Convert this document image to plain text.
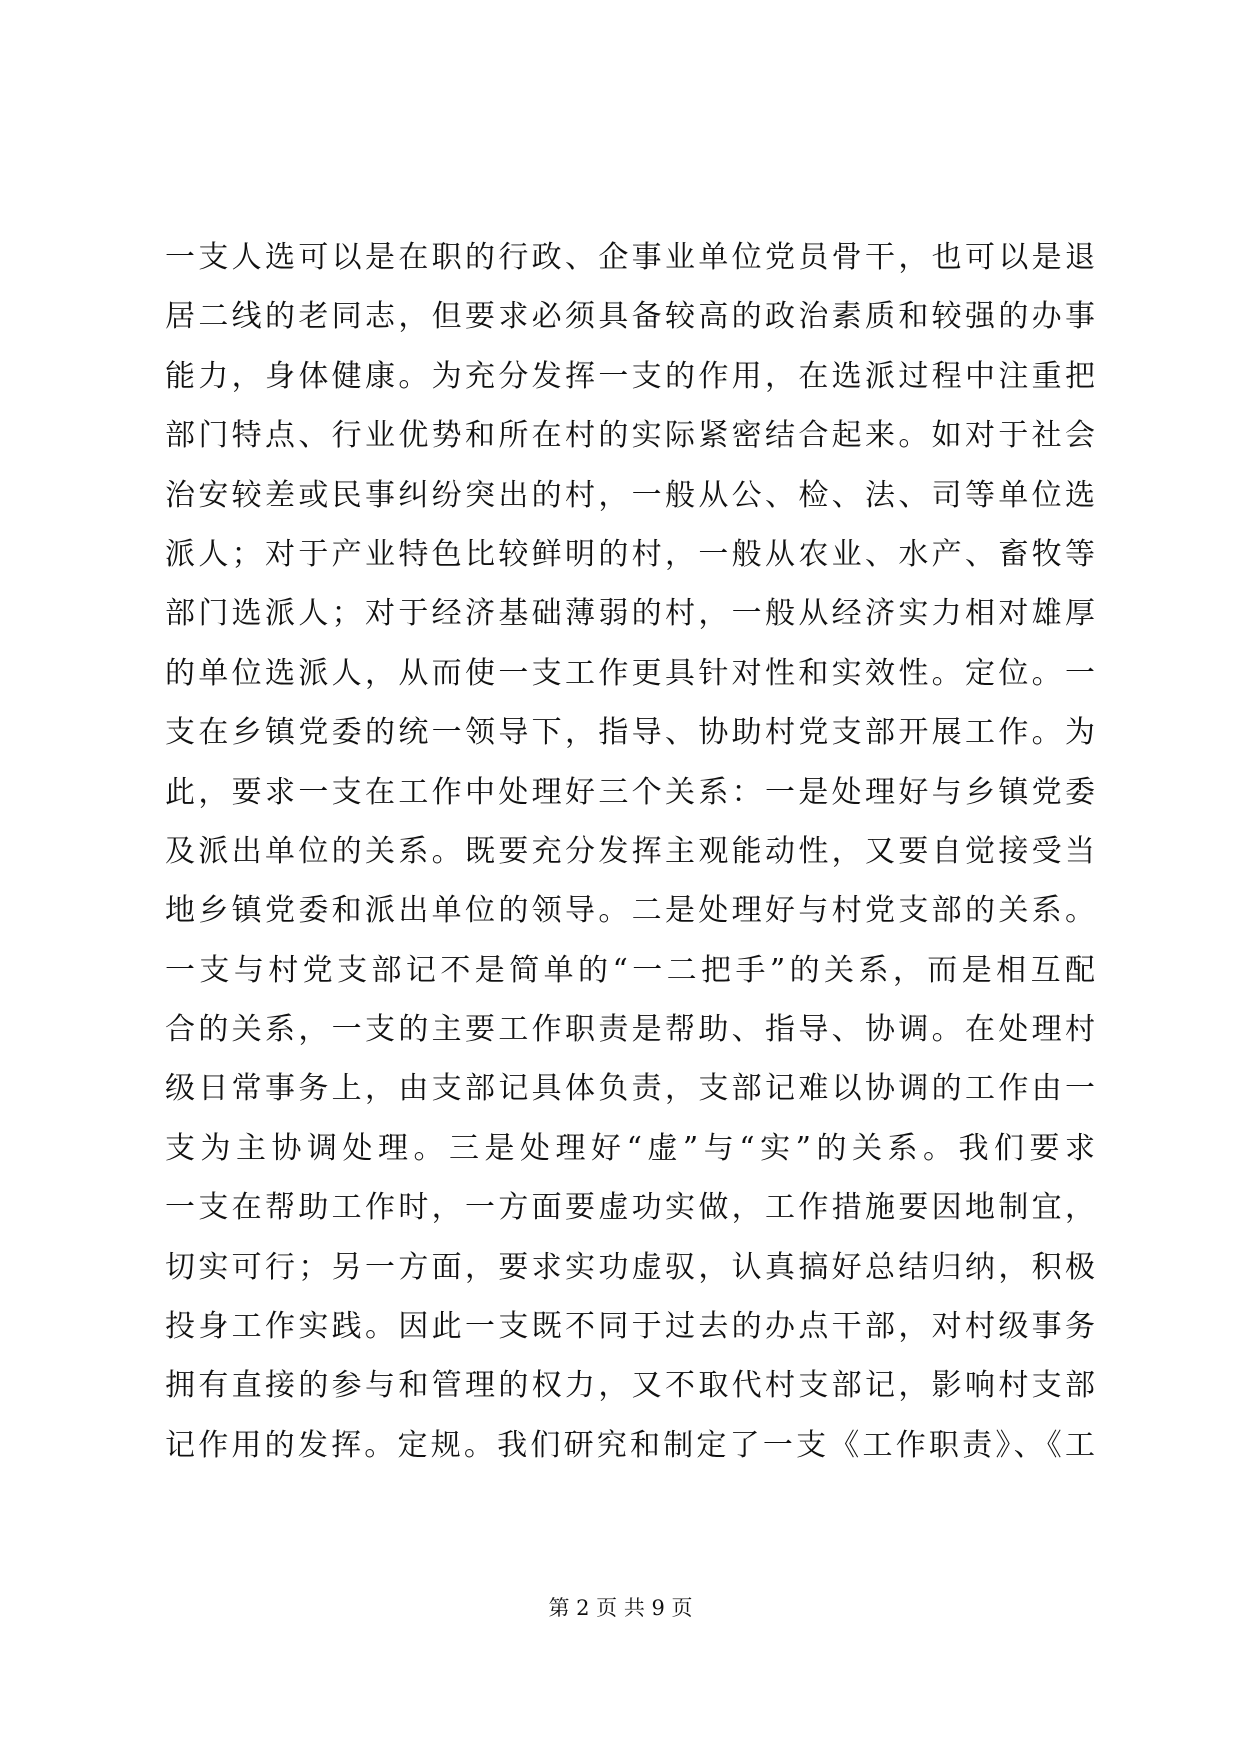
一支人选可以是在职的行政、企事业单位党员骨干，也可以是退
居二线的老同志，但要求必须具备较高的政治素质和较强的办事
能力，身体健康。为充分发挥一支的作用，在选派过程中注重把
部门特点、行业优势和所在村的实际紧密结合起来。如对于社会
治安较差或民事纠纷突出的村，一般从公、检、法、司等单位选
派人；对于产业特色比较鲜明的村，一般从农业、水产、畜牧等
部门选派人；对于经济基础薄弱的村，一般从经济实力相对雄厚
的单位选派人，从而使一支工作更具针对性和实效性。定位。一
支在乡镇党委的统一领导下，指导、协助村党支部开展工作。为
此，要求一支在工作中处理好三个关系：一是处理好与乡镇党委
及派出单位的关系。既要充分发挥主观能动性，又要自觉接受当
地乡镇党委和派出单位的领导。二是处理好与村党支部的关系。
一支与村党支部记不是简单的“一二把手”的关系，而是相互配
合的关系，一支的主要工作职责是帮助、指导、协调。在处理村
级日常事务上，由支部记具体负责，支部记难以协调的工作由一
支为主协调处理。三是处理好“虚”与“实”的关系。我们要求
一支在帮助工作时，一方面要虚功实做，工作措施要因地制宜，
切实可行；另一方面，要求实功虚驭，认真搞好总结归纳，积极
投身工作实践。因此一支既不同于过去的办点干部，对村级事务
拥有直接的参与和管理的权力，又不取代村支部记，影响村支部
记作用的发挥。定规。我们研究和制定了一支《工作职责》、《工
第 2 页 共 9 页
